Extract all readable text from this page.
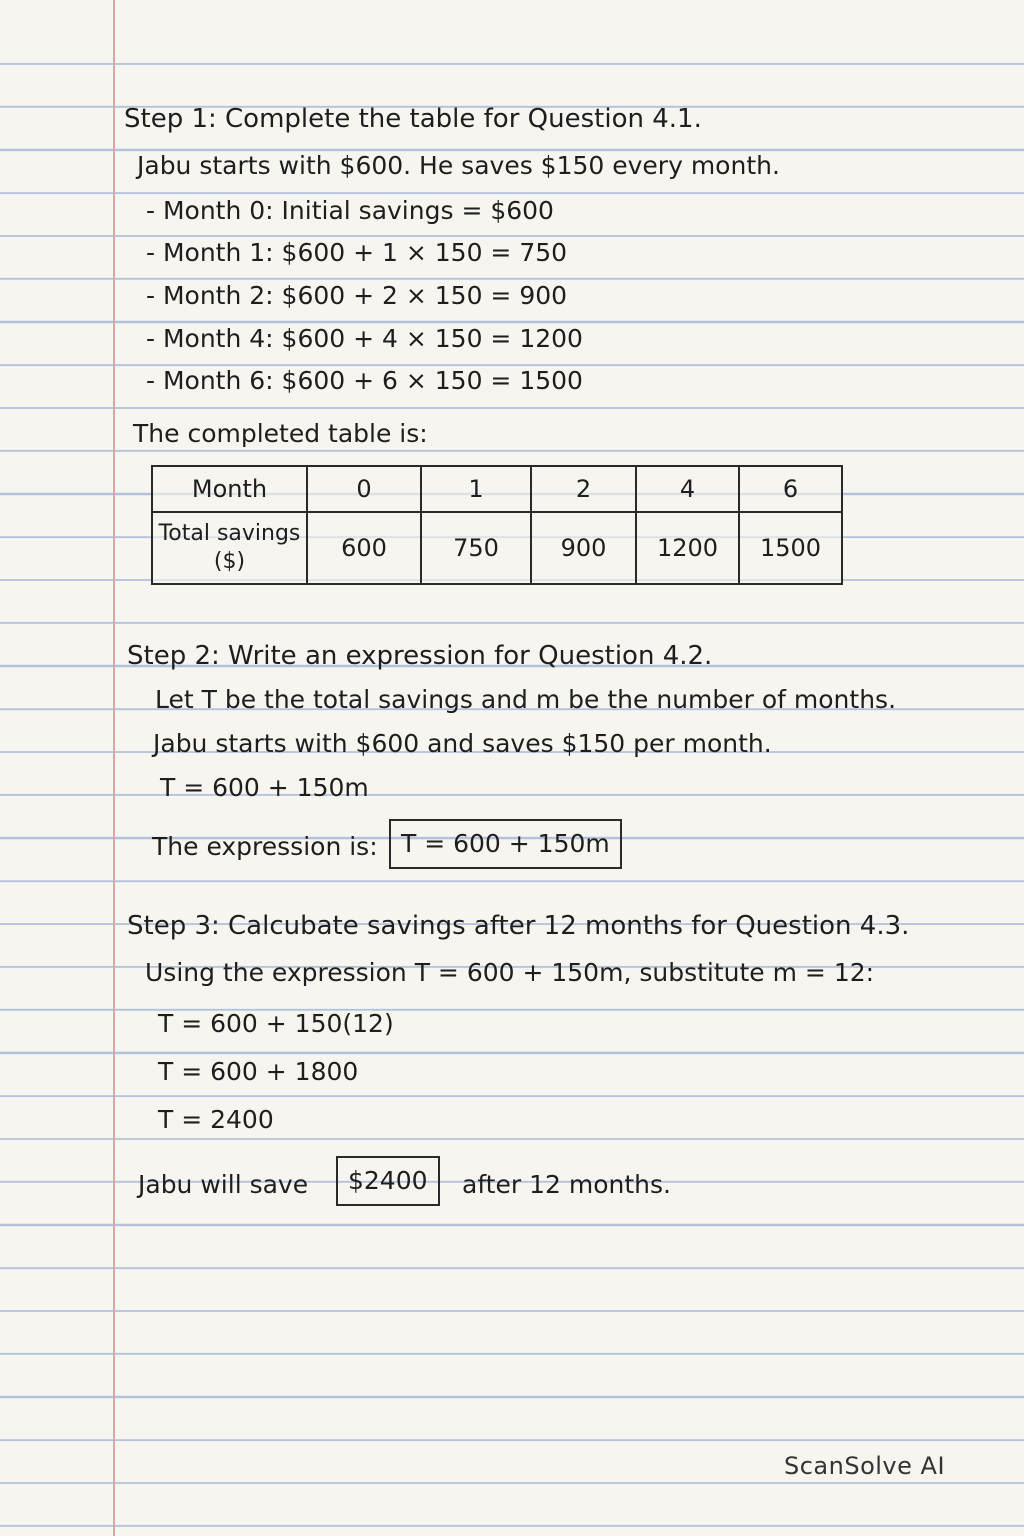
Step 1: Complete the table for Question 4.1.
Jabu starts with $600. He saves $150 every month.
- Month 0: Initial savings = $600
- Month 1: $600 + 1 × 150 = 750
- Month 2: $600 + 2 × 150 = 900
- Month 4: $600 + 4 × 150 = 1200
- Month 6: $600 + 6 × 150 = 1500
The completed table is:
Month	0	1	2	4	6

Total savings
($)	600	750	900	1200	1500
Step 2: Write an expression for Question 4.2.
Let T be the total savings and m be the number of months.
Jabu starts with $600 and saves $150 per month.
T = 600 + 150m
The expression is: T = 600 + 150m
Step 3: Calcubate savings after 12 months for Question 4.3.
Using the expression T = 600 + 150m, substitute m = 12:
T = 600 + 150(12)
T = 600 + 1800
T = 2400
Jabu will save	$2400	after 12 months.
ScanSolve AI
